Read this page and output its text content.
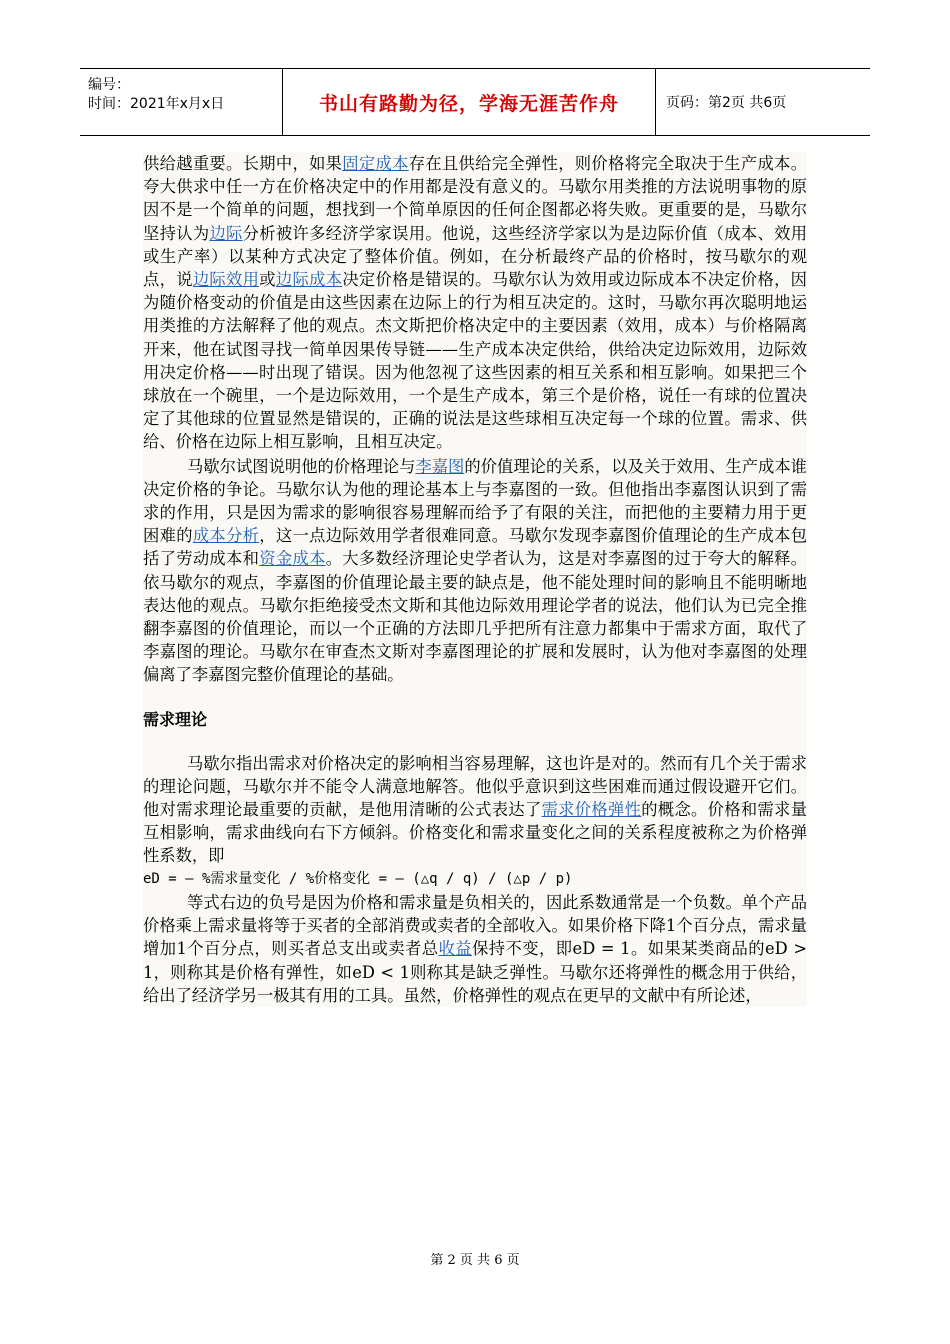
编号：
时间：2021年x月x日	书山有路勤为径，学海无涯苦作舟	页码：第2页 共6页

供给越重要。长期中，如果固定成本存在且供给完全弹性，则价格将完全取决于生产成本。夸大供求中任一方在价格决定中的作用都是没有意义的。马歇尔用类推的方法说明事物的原因不是一个简单的问题，想找到一个简单原因的任何企图都必将失败。更重要的是，马歇尔坚持认为边际分析被许多经济学家误用。他说，这些经济学家以为是边际价值（成本、效用或生产率）以某种方式决定了整体价值。例如，在分析最终产品的价格时，按马歇尔的观点，说边际效用或边际成本决定价格是错误的。马歇尔认为效用或边际成本不决定价格，因为随价格变动的价值是由这些因素在边际上的行为相互决定的。这时，马歇尔再次聪明地运用类推的方法解释了他的观点。杰文斯把价格决定中的主要因素（效用，成本）与价格隔离开来，他在试图寻找一简单因果传导链——生产成本决定供给，供给决定边际效用，边际效用决定价格——时出现了错误。因为他忽视了这些因素的相互关系和相互影响。如果把三个球放在一个碗里，一个是边际效用，一个是生产成本，第三个是价格，说任一有球的位置决定了其他球的位置显然是错误的，正确的说法是这些球相互决定每一个球的位置。需求、供给、价格在边际上相互影响，且相互决定。

马歇尔试图说明他的价格理论与李嘉图的价值理论的关系，以及关于效用、生产成本谁决定价格的争论。马歇尔认为他的理论基本上与李嘉图的一致。但他指出李嘉图认识到了需求的作用，只是因为需求的影响很容易理解而给予了有限的关注，而把他的主要精力用于更困难的成本分析，这一点边际效用学者很难同意。马歇尔发现李嘉图价值理论的生产成本包括了劳动成本和资金成本。大多数经济理论史学者认为，这是对李嘉图的过于夸大的解释。依马歇尔的观点，李嘉图的价值理论最主要的缺点是，他不能处理时间的影响且不能明晰地表达他的观点。马歇尔拒绝接受杰文斯和其他边际效用理论学者的说法，他们认为已完全推翻李嘉图的价值理论，而以一个正确的方法即几乎把所有注意力都集中于需求方面，取代了李嘉图的理论。马歇尔在审查杰文斯对李嘉图理论的扩展和发展时，认为他对李嘉图的处理偏离了李嘉图完整价值理论的基础。

需求理论

马歇尔指出需求对价格决定的影响相当容易理解，这也许是对的。然而有几个关于需求的理论问题，马歇尔并不能令人满意地解答。他似乎意识到这些困难而通过假设避开它们。他对需求理论最重要的贡献，是他用清晰的公式表达了需求价格弹性的概念。价格和需求量互相影响，需求曲线向右下方倾斜。价格变化和需求量变化之间的关系程度被称之为价格弹性系数，即

eD = — %需求量变化 / %价格变化 = — (△q / q) / (△p / p)

等式右边的负号是因为价格和需求量是负相关的，因此系数通常是一个负数。单个产品价格乘上需求量将等于买者的全部消费或卖者的全部收入。如果价格下降1个百分点，需求量增加1个百分点，则买者总支出或卖者总收益保持不变，即eD = 1。如果某类商品的eD > 1，则称其是价格有弹性，如eD < 1则称其是缺乏弹性。马歇尔还将弹性的概念用于供给，给出了经济学另一极其有用的工具。虽然，价格弹性的观点在更早的文献中有所论述，

第 2 页 共 6 页
